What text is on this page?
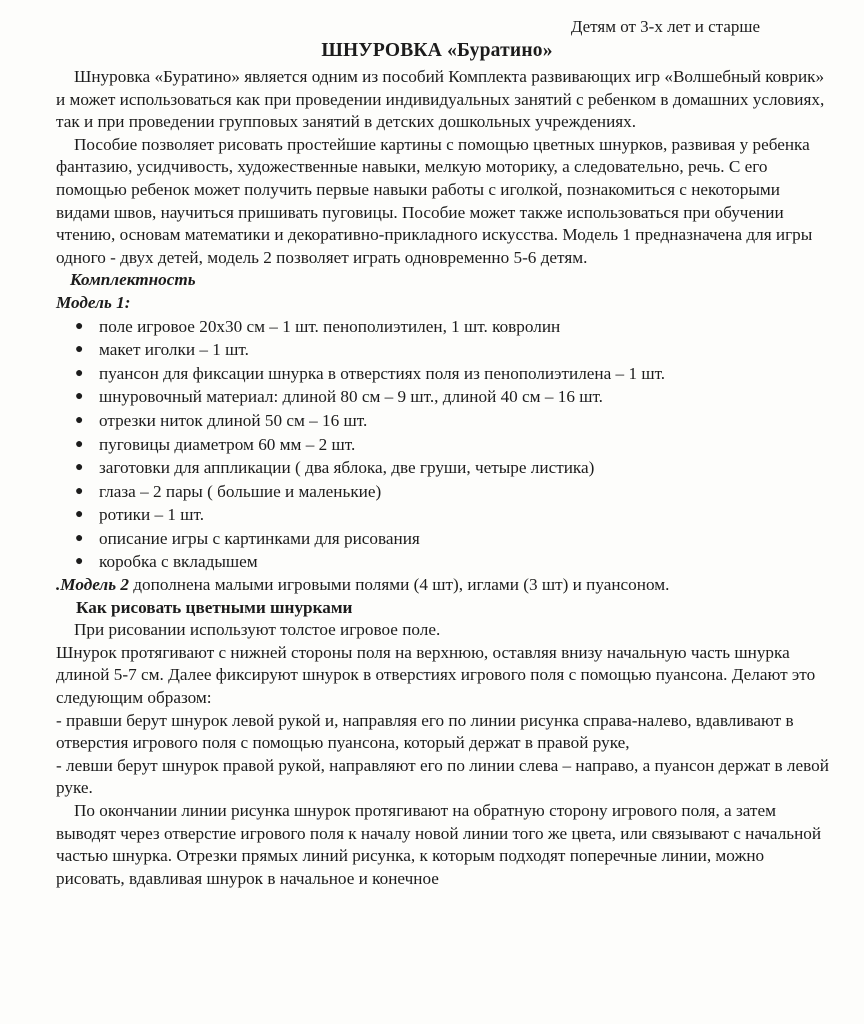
Детям от 3-х лет и старше
ШНУРОВКА «Буратино»

Шнуровка «Буратино» является одним из пособий Комплекта развивающих игр «Волшебный коврик» и может использоваться как при проведении индивидуальных занятий с ребенком в домашних условиях, так и при проведении групповых занятий в детских дошкольных учреждениях.

Пособие позволяет рисовать простейшие картины с помощью цветных шнурков, развивая у ребенка фантазию, усидчивость, художественные навыки, мелкую моторику, а следовательно, речь. С его помощью ребенок может получить первые навыки работы с иголкой, познакомиться с некоторыми видами швов, научиться пришивать пуговицы. Пособие может также использоваться при обучении чтению, основам математики и декоративно-прикладного искусства. Модель 1 предназначена для игры одного - двух детей, модель 2 позволяет играть одновременно 5-6 детям.

Комплектность

Модель 1:

● поле игровое 20х30 см – 1 шт. пенополиэтилен, 1 шт. ковролин
● макет иголки – 1 шт.
● пуансон для фиксации шнурка в отверстиях поля из пенополиэтилена – 1 шт.
● шнуровочный материал: длиной 80 см – 9 шт., длиной 40 см – 16 шт.
● отрезки ниток длиной 50 см – 16 шт.
● пуговицы диаметром 60 мм – 2 шт.
● заготовки для аппликации ( два яблока, две груши, четыре листика)
● глаза – 2 пары ( большие и маленькие)
● ротики – 1 шт.
● описание игры с картинками для рисования
● коробка с вкладышем

.Модель 2 дополнена малыми игровыми полями (4 шт), иглами (3 шт) и пуансоном.

Как рисовать цветными шнурками

При рисовании используют толстое игровое поле.

Шнурок протягивают с нижней стороны поля на верхнюю, оставляя внизу начальную часть шнурка длиной 5-7 см. Далее фиксируют шнурок в отверстиях игрового поля с помощью пуансона. Делают это следующим образом:

- правши берут шнурок левой рукой и, направляя его по линии рисунка справа-налево, вдавливают в отверстия игрового поля с помощью пуансона, который держат в правой руке,

- левши берут шнурок правой рукой, направляют его по линии слева – направо, а пуансон держат в левой руке.

По окончании линии рисунка шнурок протягивают на обратную сторону игрового поля, а затем выводят через отверстие игрового поля к началу новой линии того же цвета, или связывают с начальной частью шнурка. Отрезки прямых линий рисунка, к которым подходят поперечные линии, можно рисовать, вдавливая шнурок в начальное и конечное
